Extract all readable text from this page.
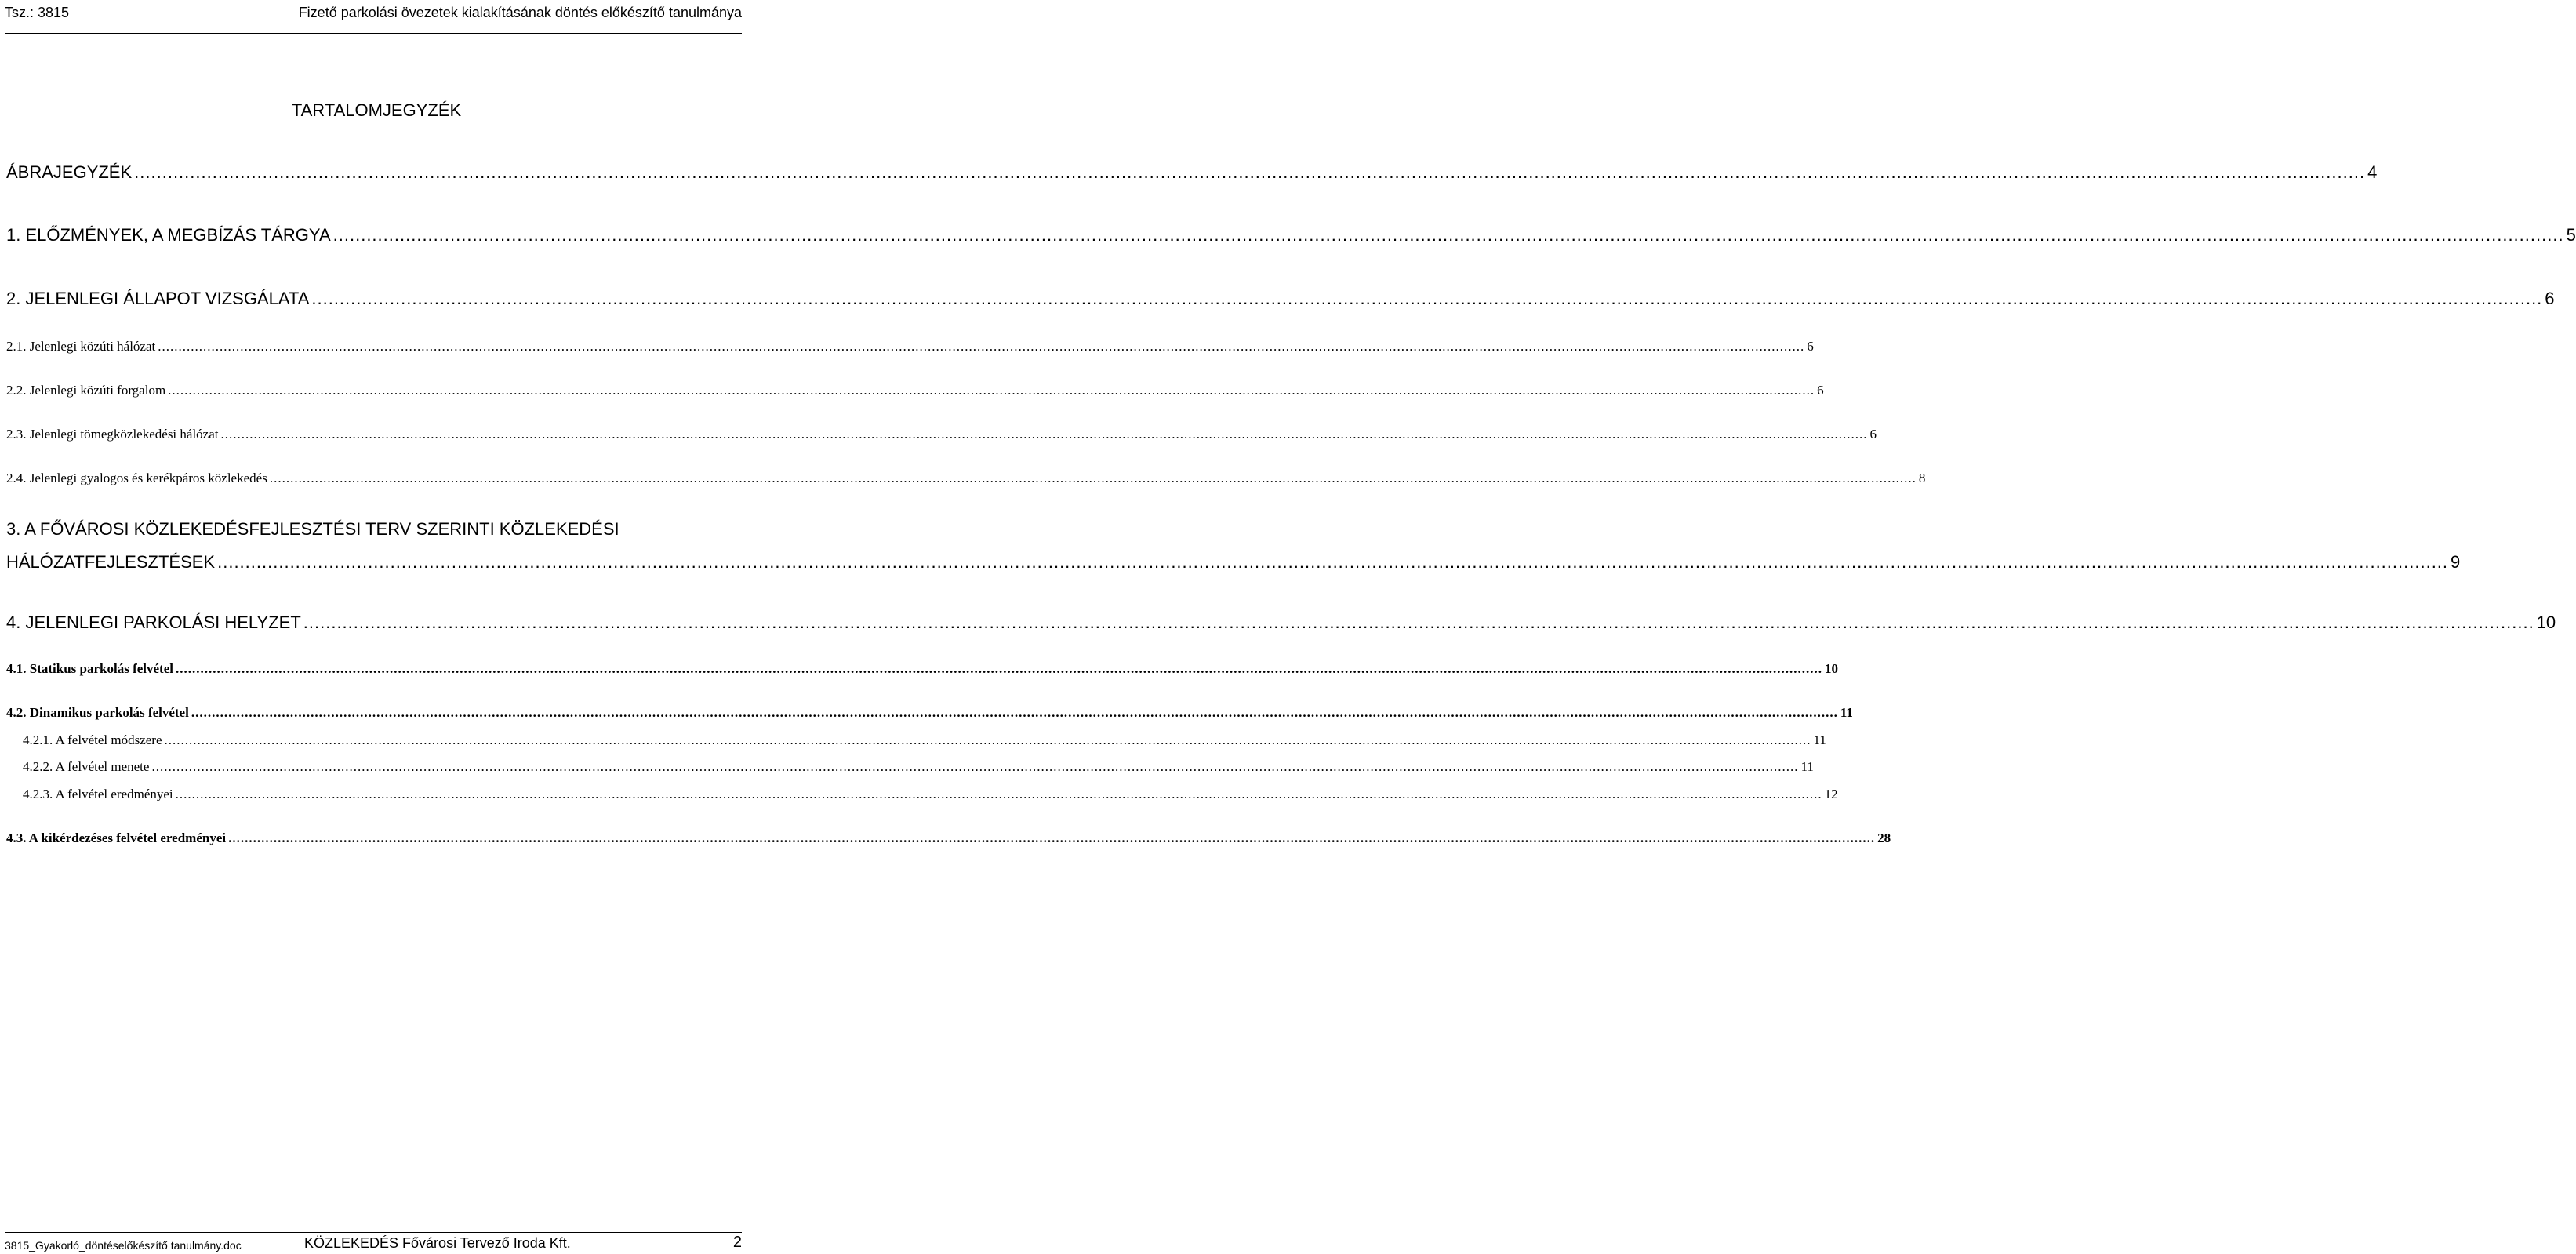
Tsz.: 3815	Fizető parkolási övezetek kialakításának döntés előkészítő tanulmánya
TARTALOMJEGYZÉK
ÁBRAJEGYZÉK ................................................................................................................................................................................................................................................................................................................................................................................................................ 4
1. ELŐZMÉNYEK, A MEGBÍZÁS TÁRGYA ................................................................................................................................................................................................................................................................................................................................................................................................................ 5
2. JELENLEGI ÁLLAPOT VIZSGÁLATA ................................................................................................................................................................................................................................................................................................................................................................................................................ 6
2.1. Jelenlegi közúti hálózat ................................................................................................................................................................................................................................................................................................................................................................................................................ 6
2.2. Jelenlegi közúti forgalom ................................................................................................................................................................................................................................................................................................................................................................................................................ 6
2.3. Jelenlegi tömegközlekedési hálózat ................................................................................................................................................................................................................................................................................................................................................................................................................ 6
2.4. Jelenlegi gyalogos és kerékpáros közlekedés ................................................................................................................................................................................................................................................................................................................................................................................................................ 8
3. A FŐVÁROSI KÖZLEKEDÉSFEJLESZTÉSI TERV SZERINTI KÖZLEKEDÉSI
HÁLÓZATFEJLESZTÉSEK ................................................................................................................................................................................................................................................................................................................................................................................................................ 9
4. JELENLEGI PARKOLÁSI HELYZET ................................................................................................................................................................................................................................................................................................................................................................................................................ 10
4.1. Statikus parkolás felvétel ................................................................................................................................................................................................................................................................................................................................................................................................................ 10
4.2. Dinamikus parkolás felvétel ................................................................................................................................................................................................................................................................................................................................................................................................................ 11
4.2.1. A felvétel módszere ................................................................................................................................................................................................................................................................................................................................................................................................................ 11
4.2.2. A felvétel menete ................................................................................................................................................................................................................................................................................................................................................................................................................ 11
4.2.3. A felvétel eredményei ................................................................................................................................................................................................................................................................................................................................................................................................................ 12
4.3. A kikérdezéses felvétel eredményei ................................................................................................................................................................................................................................................................................................................................................................................................................ 28
3815_Gyakorló_döntéselőkészítő tanulmány.doc	KÖZLEKEDÉS Fővárosi Tervező Iroda Kft.	2
